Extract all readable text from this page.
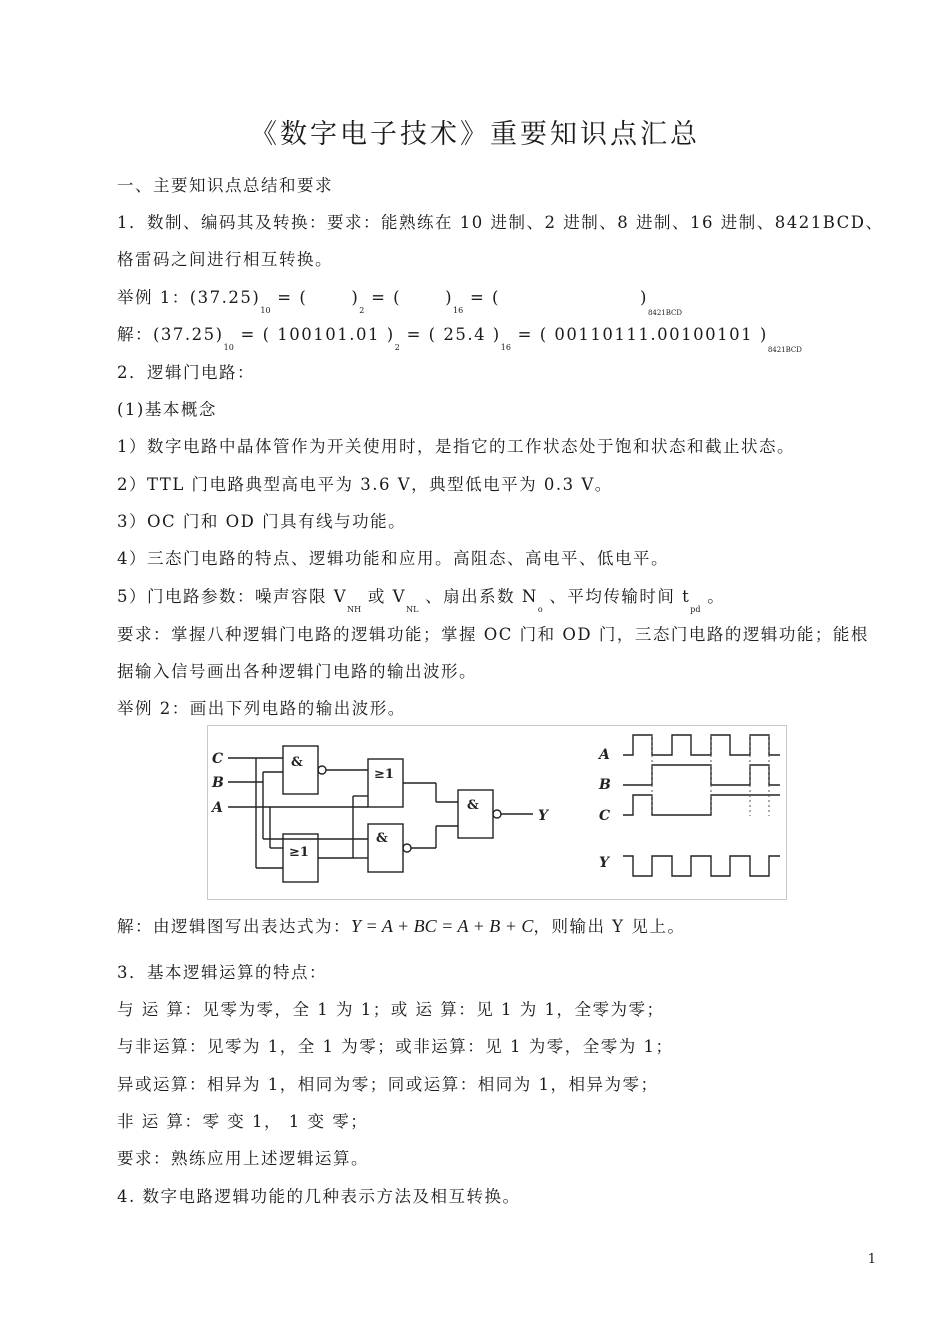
《数字电子技术》重要知识点汇总
一、主要知识点总结和要求
1．数制、编码其及转换：要求：能熟练在 10 进制、2 进制、8 进制、16 进制、8421BCD、
格雷码之间进行相互转换。
举例 1：$(37.25)_{10}$ = (	)$_2$ = (	)$_{16}$ = (	)$_{8421BCD}$
解：$(37.25)_{10}$ = ( 100101.01 )$_2$ = ( 25.4 )$_{16}$ = ( 00110111.00100101 )$_{8421BCD}$
2．逻辑门电路：
(1)基本概念
1）数字电路中晶体管作为开关使用时，是指它的工作状态处于饱和状态和截止状态。
2）TTL 门电路典型高电平为 3.6 V，典型低电平为 0.3 V。
3）OC 门和 OD 门具有线与功能。
4）三态门电路的特点、逻辑功能和应用。高阻态、高电平、低电平。
5）门电路参数：噪声容限 $V_{NH}$ 或 $V_{NL}$ 、扇出系数 $N_o$ 、平均传输时间 $t_{pd}$ 。
要求：掌握八种逻辑门电路的逻辑功能；掌握 OC 门和 OD 门，三态门电路的逻辑功能；能根
据输入信号画出各种逻辑门电路的输出波形。
举例 2：画出下列电路的输出波形。
C
B
A	Y
&
≥1
&
≥1
&
A
B
C
Y
解：由逻辑图写出表达式为：Y = A + BC = A + B + C，则输出 Y 见上。
3．基本逻辑运算的特点：
与 运 算：见零为零，全 1 为 1；或 运 算：见 1 为 1，全零为零；
与非运算：见零为 1，全 1 为零；或非运算：见 1 为零，全零为 1；
异或运算：相异为 1，相同为零；同或运算：相同为 1，相异为零；
非 运 算：零 变 1， 1 变 零；
要求：熟练应用上述逻辑运算。
4. 数字电路逻辑功能的几种表示方法及相互转换。
1
